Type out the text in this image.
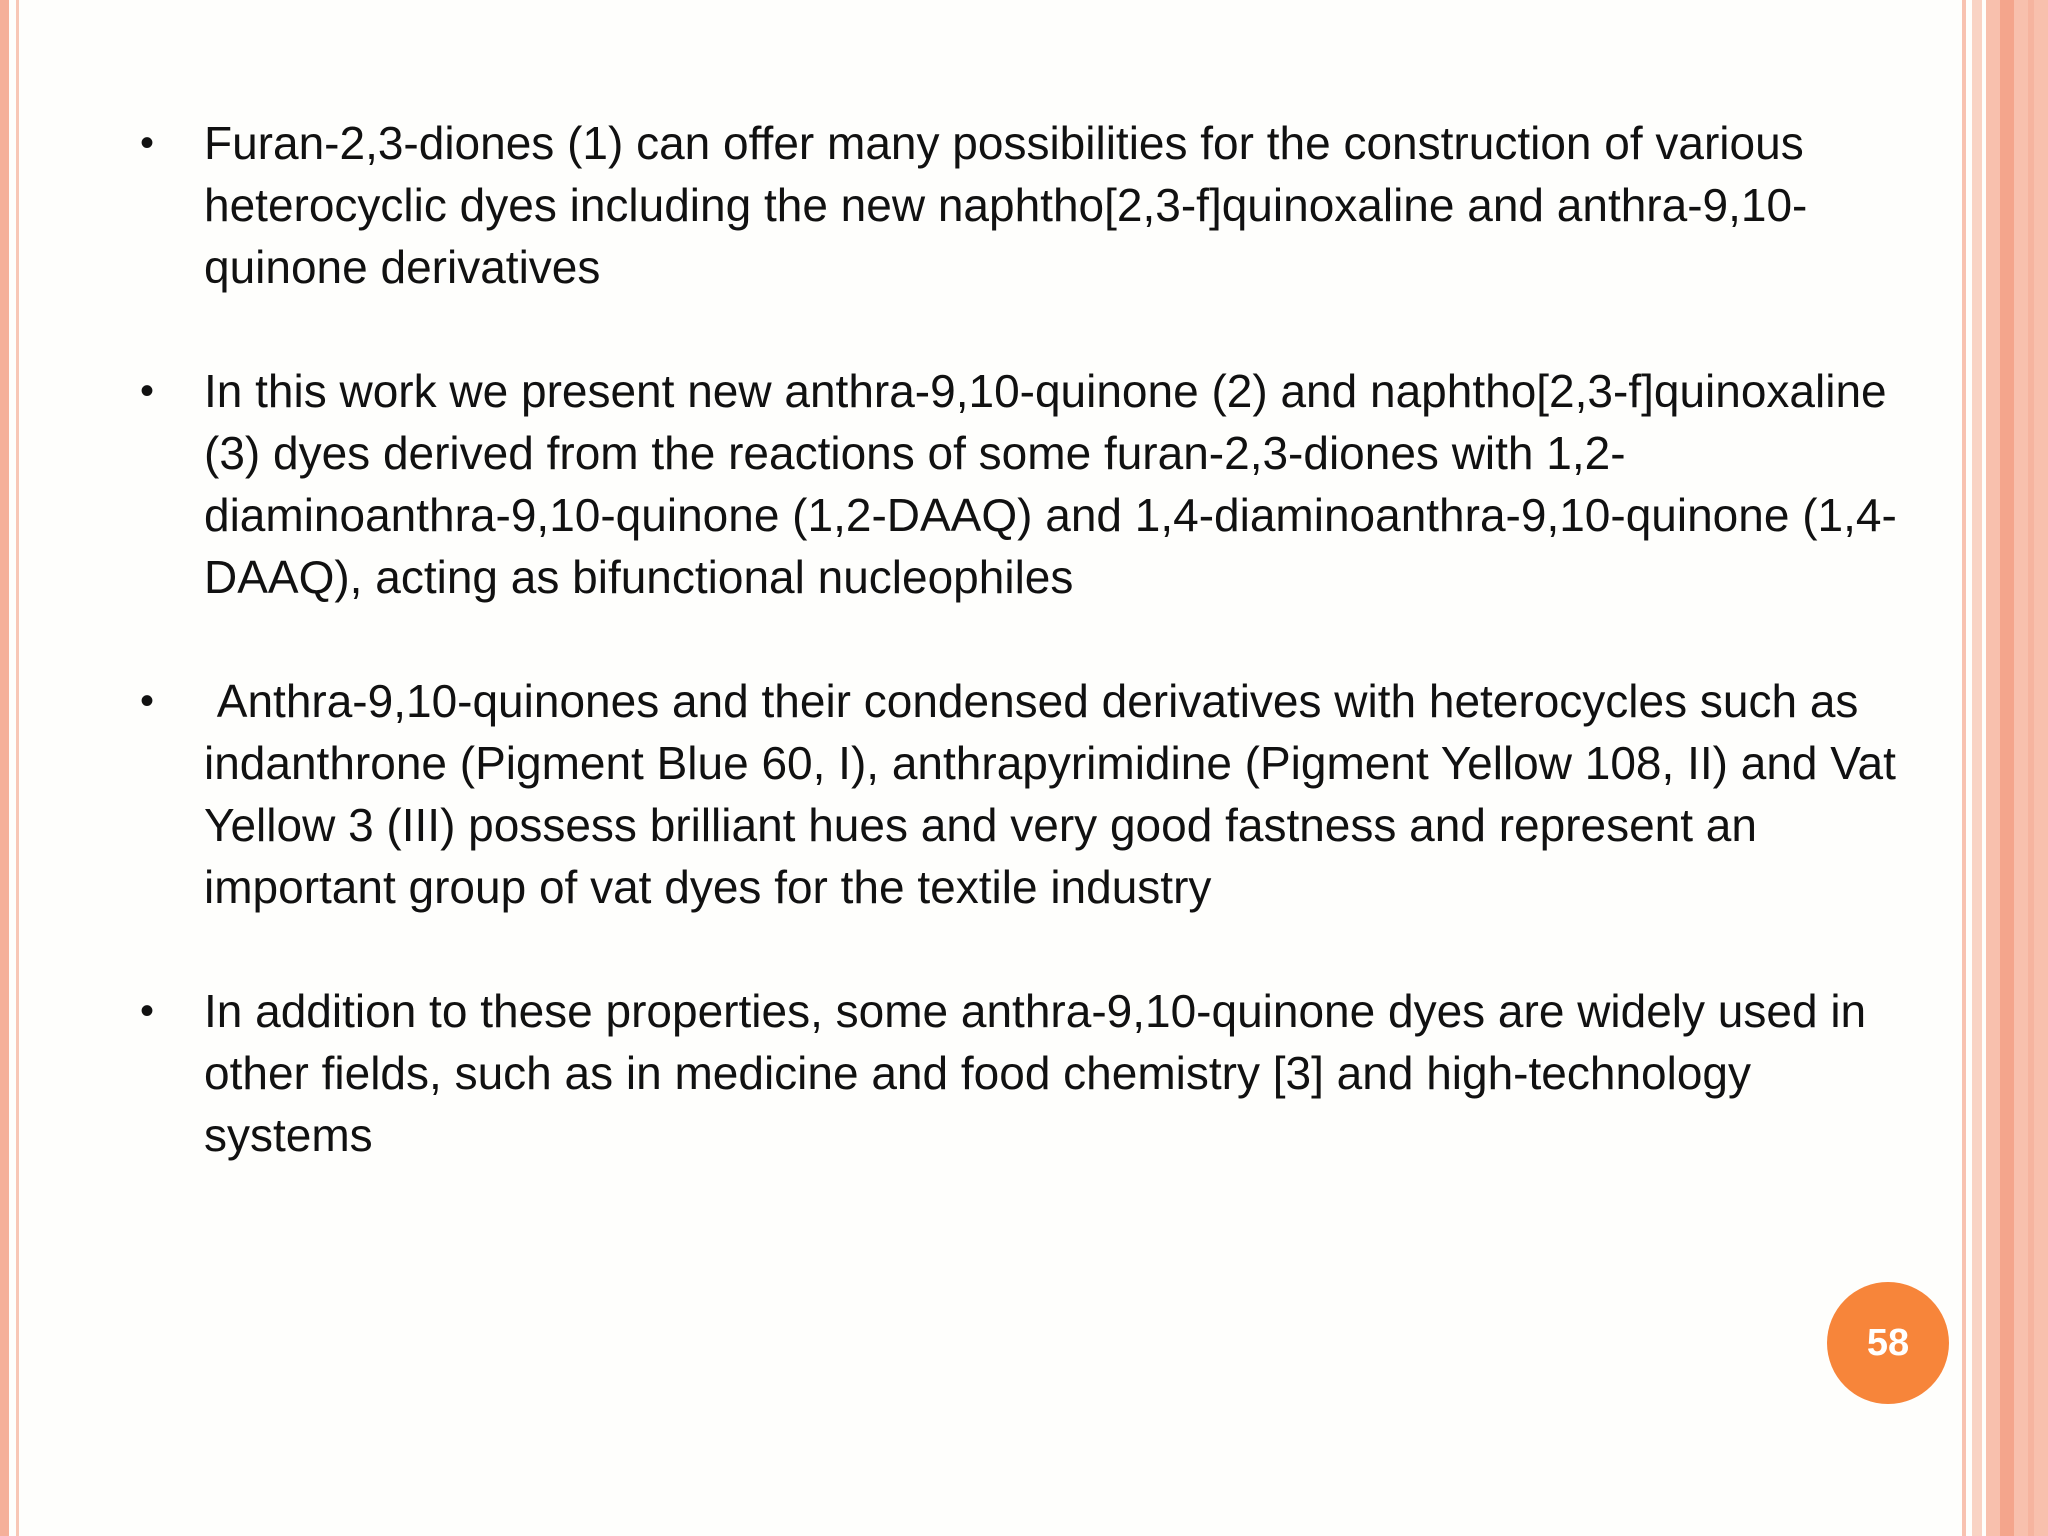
•	Furan-2,3-diones (1) can offer many possibilities for the construction of various heterocyclic dyes including the new naphtho[2,3-f]quinoxaline and anthra-9,10-quinone derivatives
•	In this work we present new anthra-9,10-quinone (2) and naphtho[2,3-f]quinoxaline (3) dyes derived from the reactions of some furan-2,3-diones with 1,2-diaminoanthra-9,10-quinone (1,2-DAAQ) and 1,4-diaminoanthra-9,10-quinone (1,4-DAAQ), acting as bifunctional nucleophiles
•	Anthra-9,10-quinones and their condensed derivatives with heterocycles such as indanthrone (Pigment Blue 60, I), anthrapyrimidine (Pigment Yellow 108, II) and Vat Yellow 3 (III) possess brilliant hues and very good fastness and represent an important group of vat dyes for the textile industry
•	In addition to these properties, some anthra-9,10-quinone dyes are widely used in other fields, such as in medicine and food chemistry [3] and high-technology systems
58
